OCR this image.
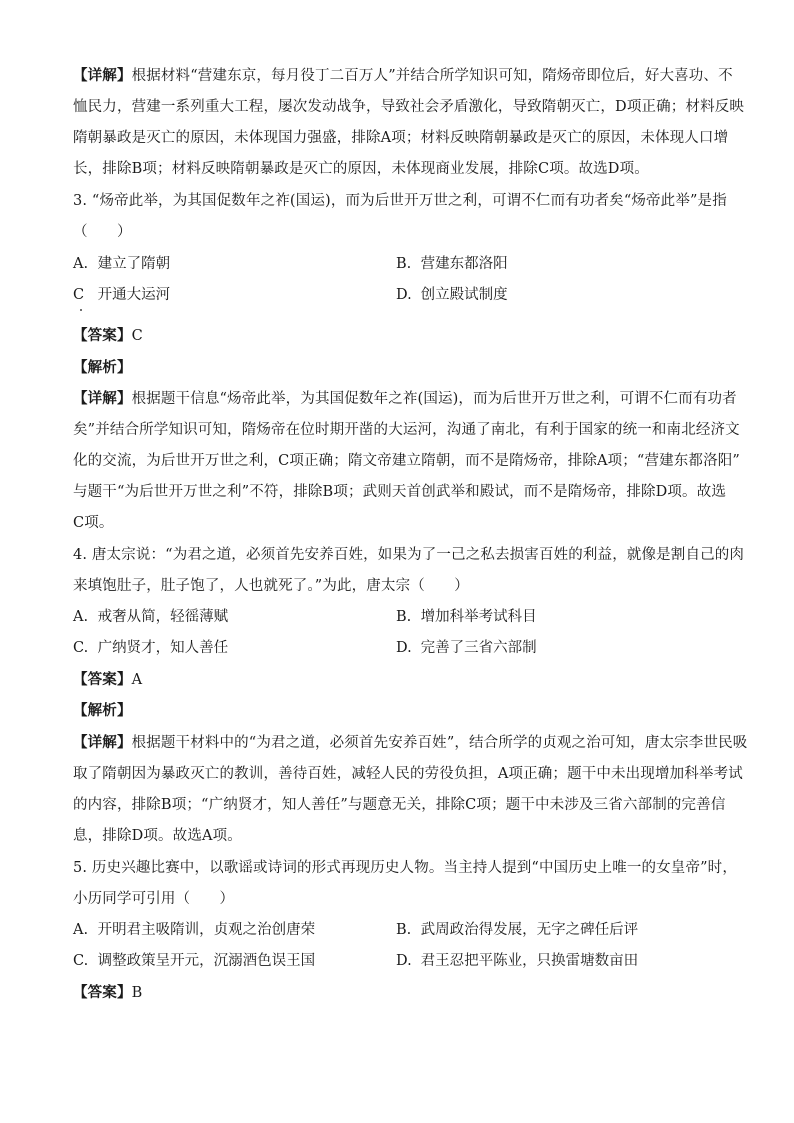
【详解】根据材料“营建东京，每月役丁二百万人”并结合所学知识可知，隋炀帝即位后，好大喜功、不
恤民力，营建一系列重大工程，屡次发动战争，导致社会矛盾激化，导致隋朝灭亡，D项正确；材料反映
隋朝暴政是灭亡的原因，未体现国力强盛，排除A项；材料反映隋朝暴政是灭亡的原因，未体现人口增
长，排除B项；材料反映隋朝暴政是灭亡的原因，未体现商业发展，排除C项。故选D项。
3. “炀帝此举，为其国促数年之祚(国运)，而为后世开万世之利，可谓不仁而有功者矣“炀帝此举”是指
（　　）
A. 建立了隋朝	B. 营建东都洛阳
C 开通大运河	D. 创立殿试制度
【答案】C
【解析】
【详解】根据题干信息“炀帝此举，为其国促数年之祚(国运)，而为后世开万世之利，可谓不仁而有功者
矣”并结合所学知识可知，隋炀帝在位时期开凿的大运河，沟通了南北，有利于国家的统一和南北经济文
化的交流，为后世开万世之利，C项正确；隋文帝建立隋朝，而不是隋炀帝，排除A项；“营建东都洛阳”
与题干“为后世开万世之利”不符，排除B项；武则天首创武举和殿试，而不是隋炀帝，排除D项。故选
C项。
4. 唐太宗说：“为君之道，必须首先安养百姓，如果为了一己之私去损害百姓的利益，就像是割自己的肉
来填饱肚子，肚子饱了，人也就死了。”为此，唐太宗（　　）
A. 戒奢从简，轻徭薄赋	B. 增加科举考试科目
C. 广纳贤才，知人善任	D. 完善了三省六部制
【答案】A
【解析】
【详解】根据题干材料中的“为君之道，必须首先安养百姓”，结合所学的贞观之治可知，唐太宗李世民吸
取了隋朝因为暴政灭亡的教训，善待百姓，减轻人民的劳役负担，A项正确；题干中未出现增加科举考试
的内容，排除B项；“广纳贤才，知人善任”与题意无关，排除C项；题干中未涉及三省六部制的完善信
息，排除D项。故选A项。
5. 历史兴趣比赛中，以歌谣或诗词的形式再现历史人物。当主持人提到“中国历史上唯一的女皇帝”时，
小历同学可引用（　　）
A. 开明君主吸隋训，贞观之治创唐荣	B. 武周政治得发展，无字之碑任后评
C. 调整政策呈开元，沉溺酒色误王国	D. 君王忍把平陈业，只换雷塘数亩田
【答案】B
